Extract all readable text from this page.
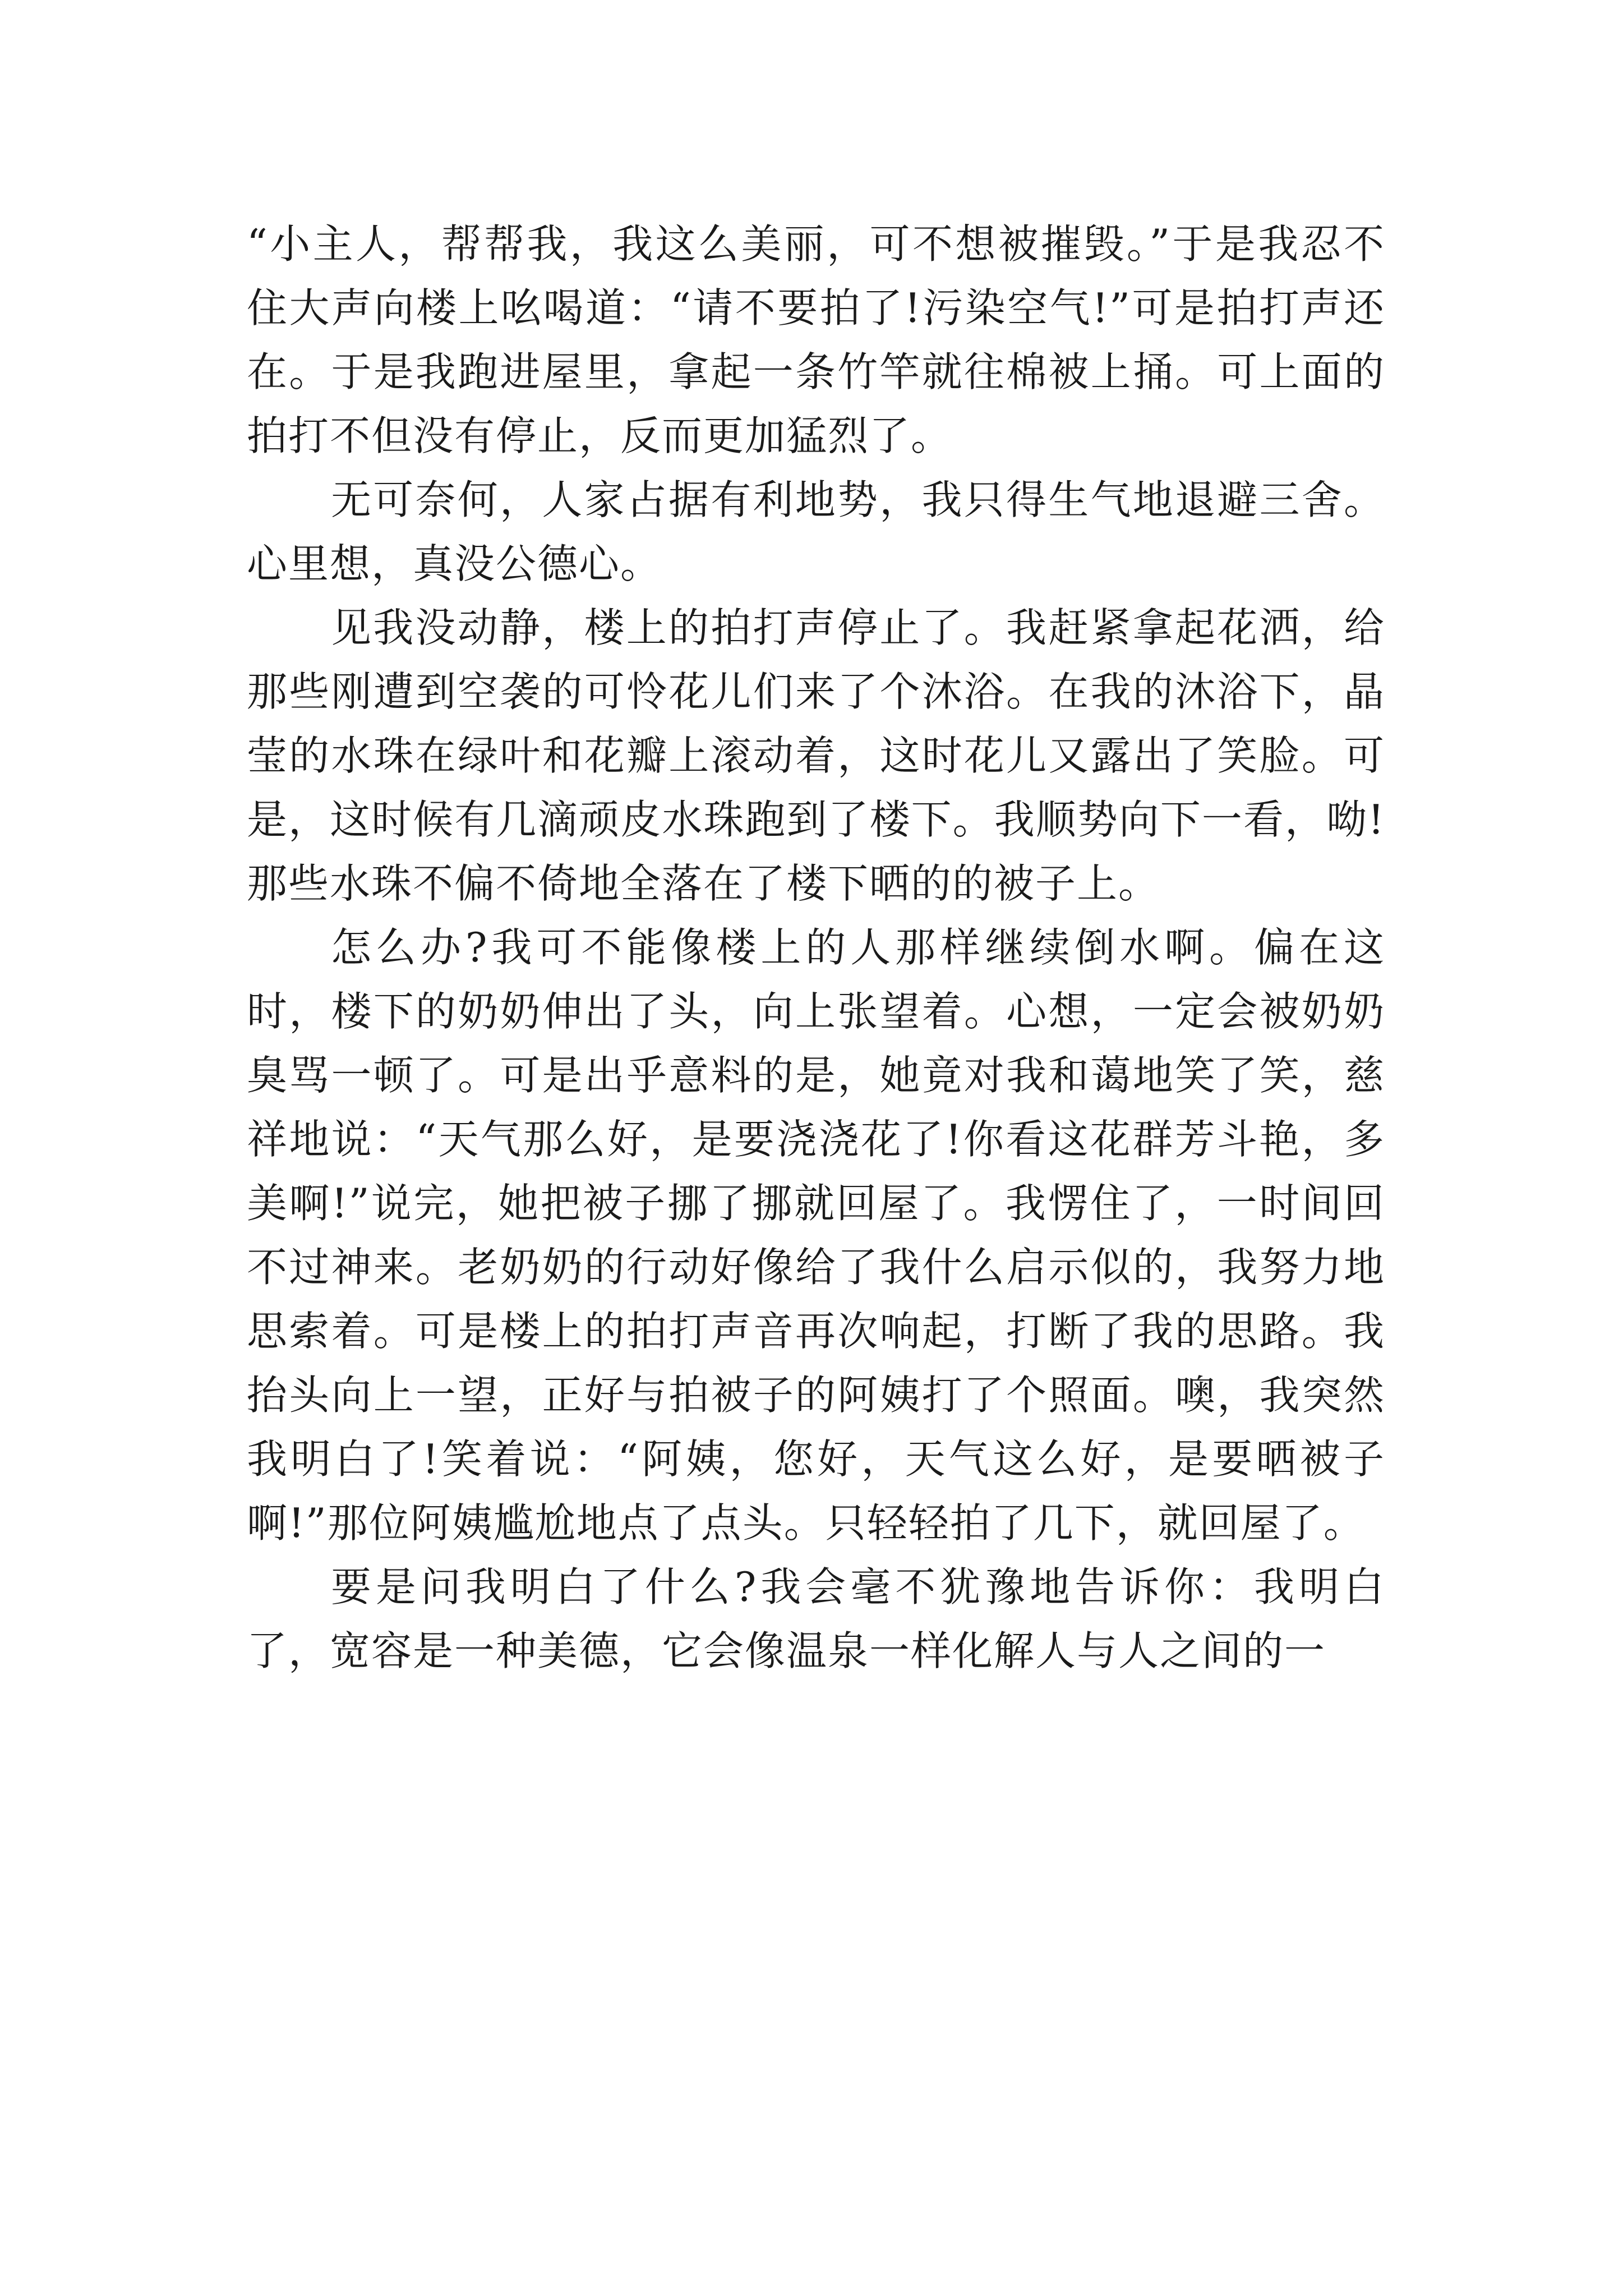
“小主人，帮帮我，我这么美丽，可不想被摧毁。”于是我忍不住大声向楼上吆喝道：“请不要拍了!污染空气!”可是拍打声还在。于是我跑进屋里，拿起一条竹竿就往棉被上捅。可上面的拍打不但没有停止，反而更加猛烈了。

无可奈何，人家占据有利地势，我只得生气地退避三舍。心里想，真没公德心。

见我没动静，楼上的拍打声停止了。我赶紧拿起花洒，给那些刚遭到空袭的可怜花儿们来了个沐浴。在我的沐浴下，晶莹的水珠在绿叶和花瓣上滚动着，这时花儿又露出了笑脸。可是，这时候有几滴顽皮水珠跑到了楼下。我顺势向下一看，呦!那些水珠不偏不倚地全落在了楼下晒的的被子上。

怎么办?我可不能像楼上的人那样继续倒水啊。偏在这时，楼下的奶奶伸出了头，向上张望着。心想，一定会被奶奶臭骂一顿了。可是出乎意料的是，她竟对我和蔼地笑了笑，慈祥地说：“天气那么好，是要浇浇花了!你看这花群芳斗艳，多美啊!”说完，她把被子挪了挪就回屋了。我愣住了，一时间回不过神来。老奶奶的行动好像给了我什么启示似的，我努力地思索着。可是楼上的拍打声音再次响起，打断了我的思路。我抬头向上一望，正好与拍被子的阿姨打了个照面。噢，我突然我明白了!笑着说：“阿姨，您好，天气这么好，是要晒被子啊!”那位阿姨尴尬地点了点头。只轻轻拍了几下，就回屋了。

要是问我明白了什么?我会毫不犹豫地告诉你：我明白了，宽容是一种美德，它会像温泉一样化解人与人之间的一
